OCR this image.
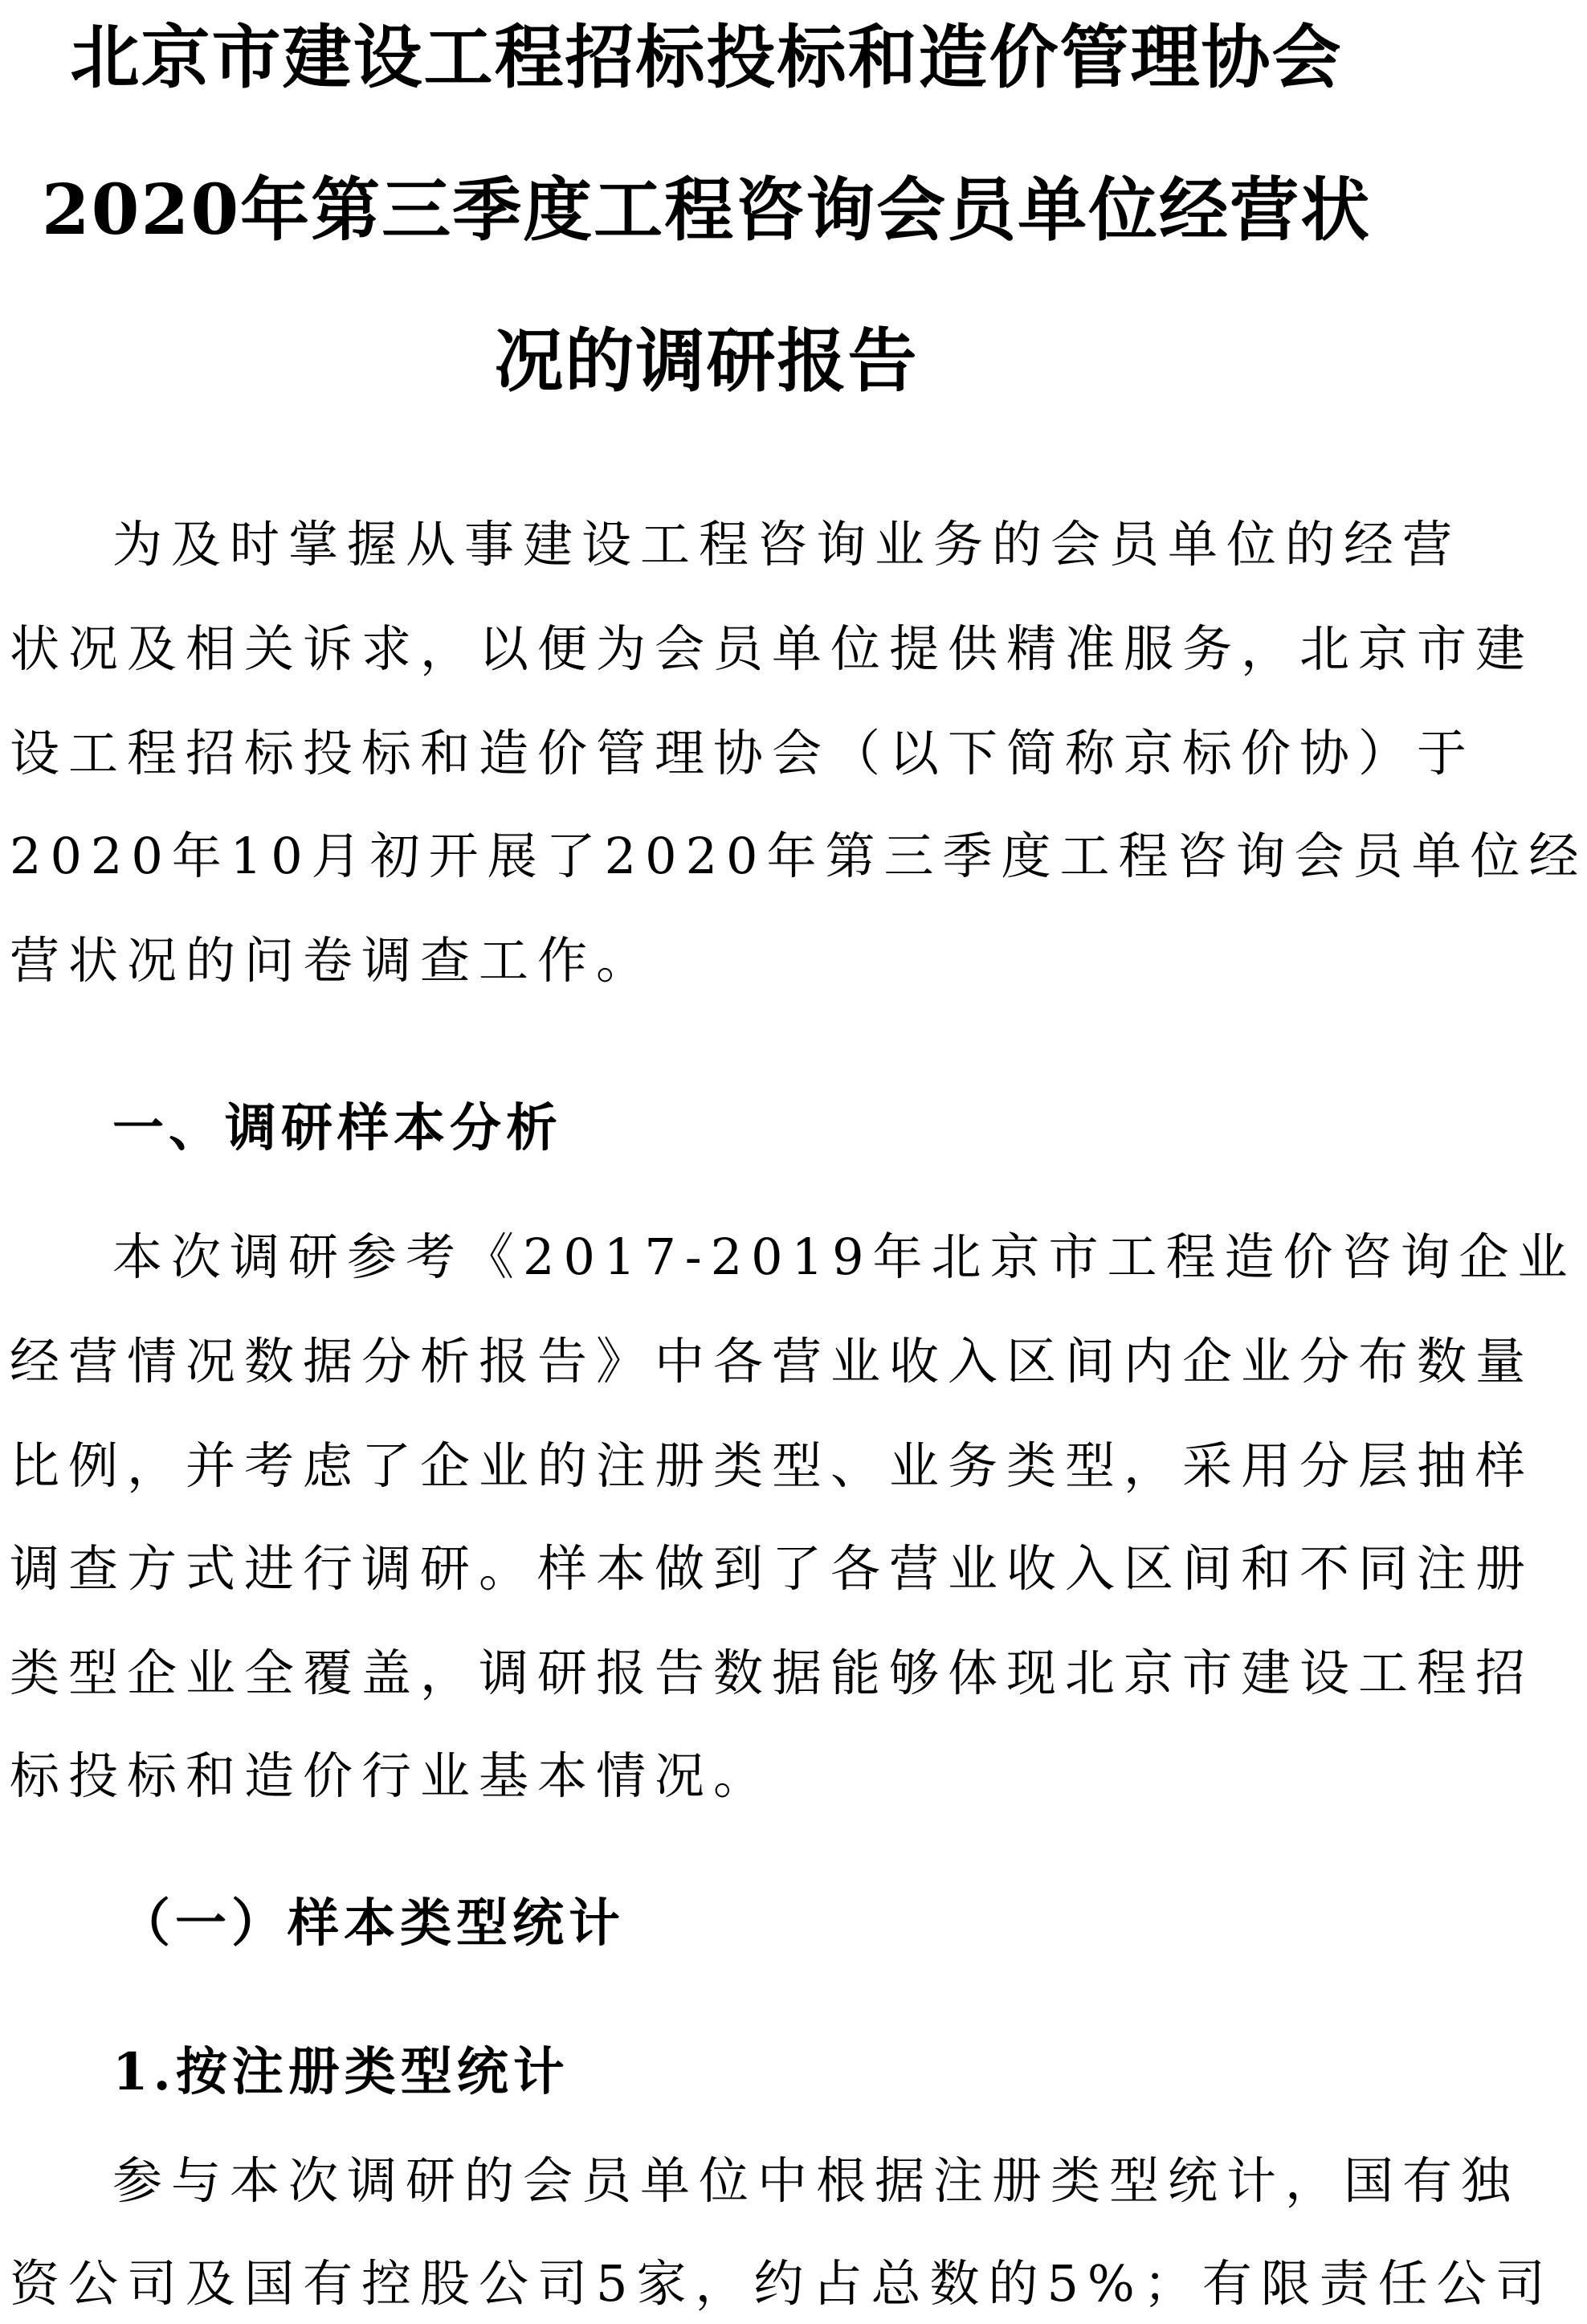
北京市建设工程招标投标和造价管理协会
2020年第三季度工程咨询会员单位经营状
况的调研报告
为及时掌握从事建设工程咨询业务的会员单位的经营
状况及相关诉求，以便为会员单位提供精准服务，北京市建
设工程招标投标和造价管理协会（以下简称京标价协）于
2020年10月初开展了2020年第三季度工程咨询会员单位经
营状况的问卷调查工作。
一、调研样本分析
本次调研参考《2017-2019年北京市工程造价咨询企业
经营情况数据分析报告》中各营业收入区间内企业分布数量
比例，并考虑了企业的注册类型、业务类型，采用分层抽样
调查方式进行调研。样本做到了各营业收入区间和不同注册
类型企业全覆盖，调研报告数据能够体现北京市建设工程招
标投标和造价行业基本情况。
（一）样本类型统计
1.按注册类型统计
参与本次调研的会员单位中根据注册类型统计，国有独
资公司及国有控股公司5家，约占总数的5%；有限责任公司
